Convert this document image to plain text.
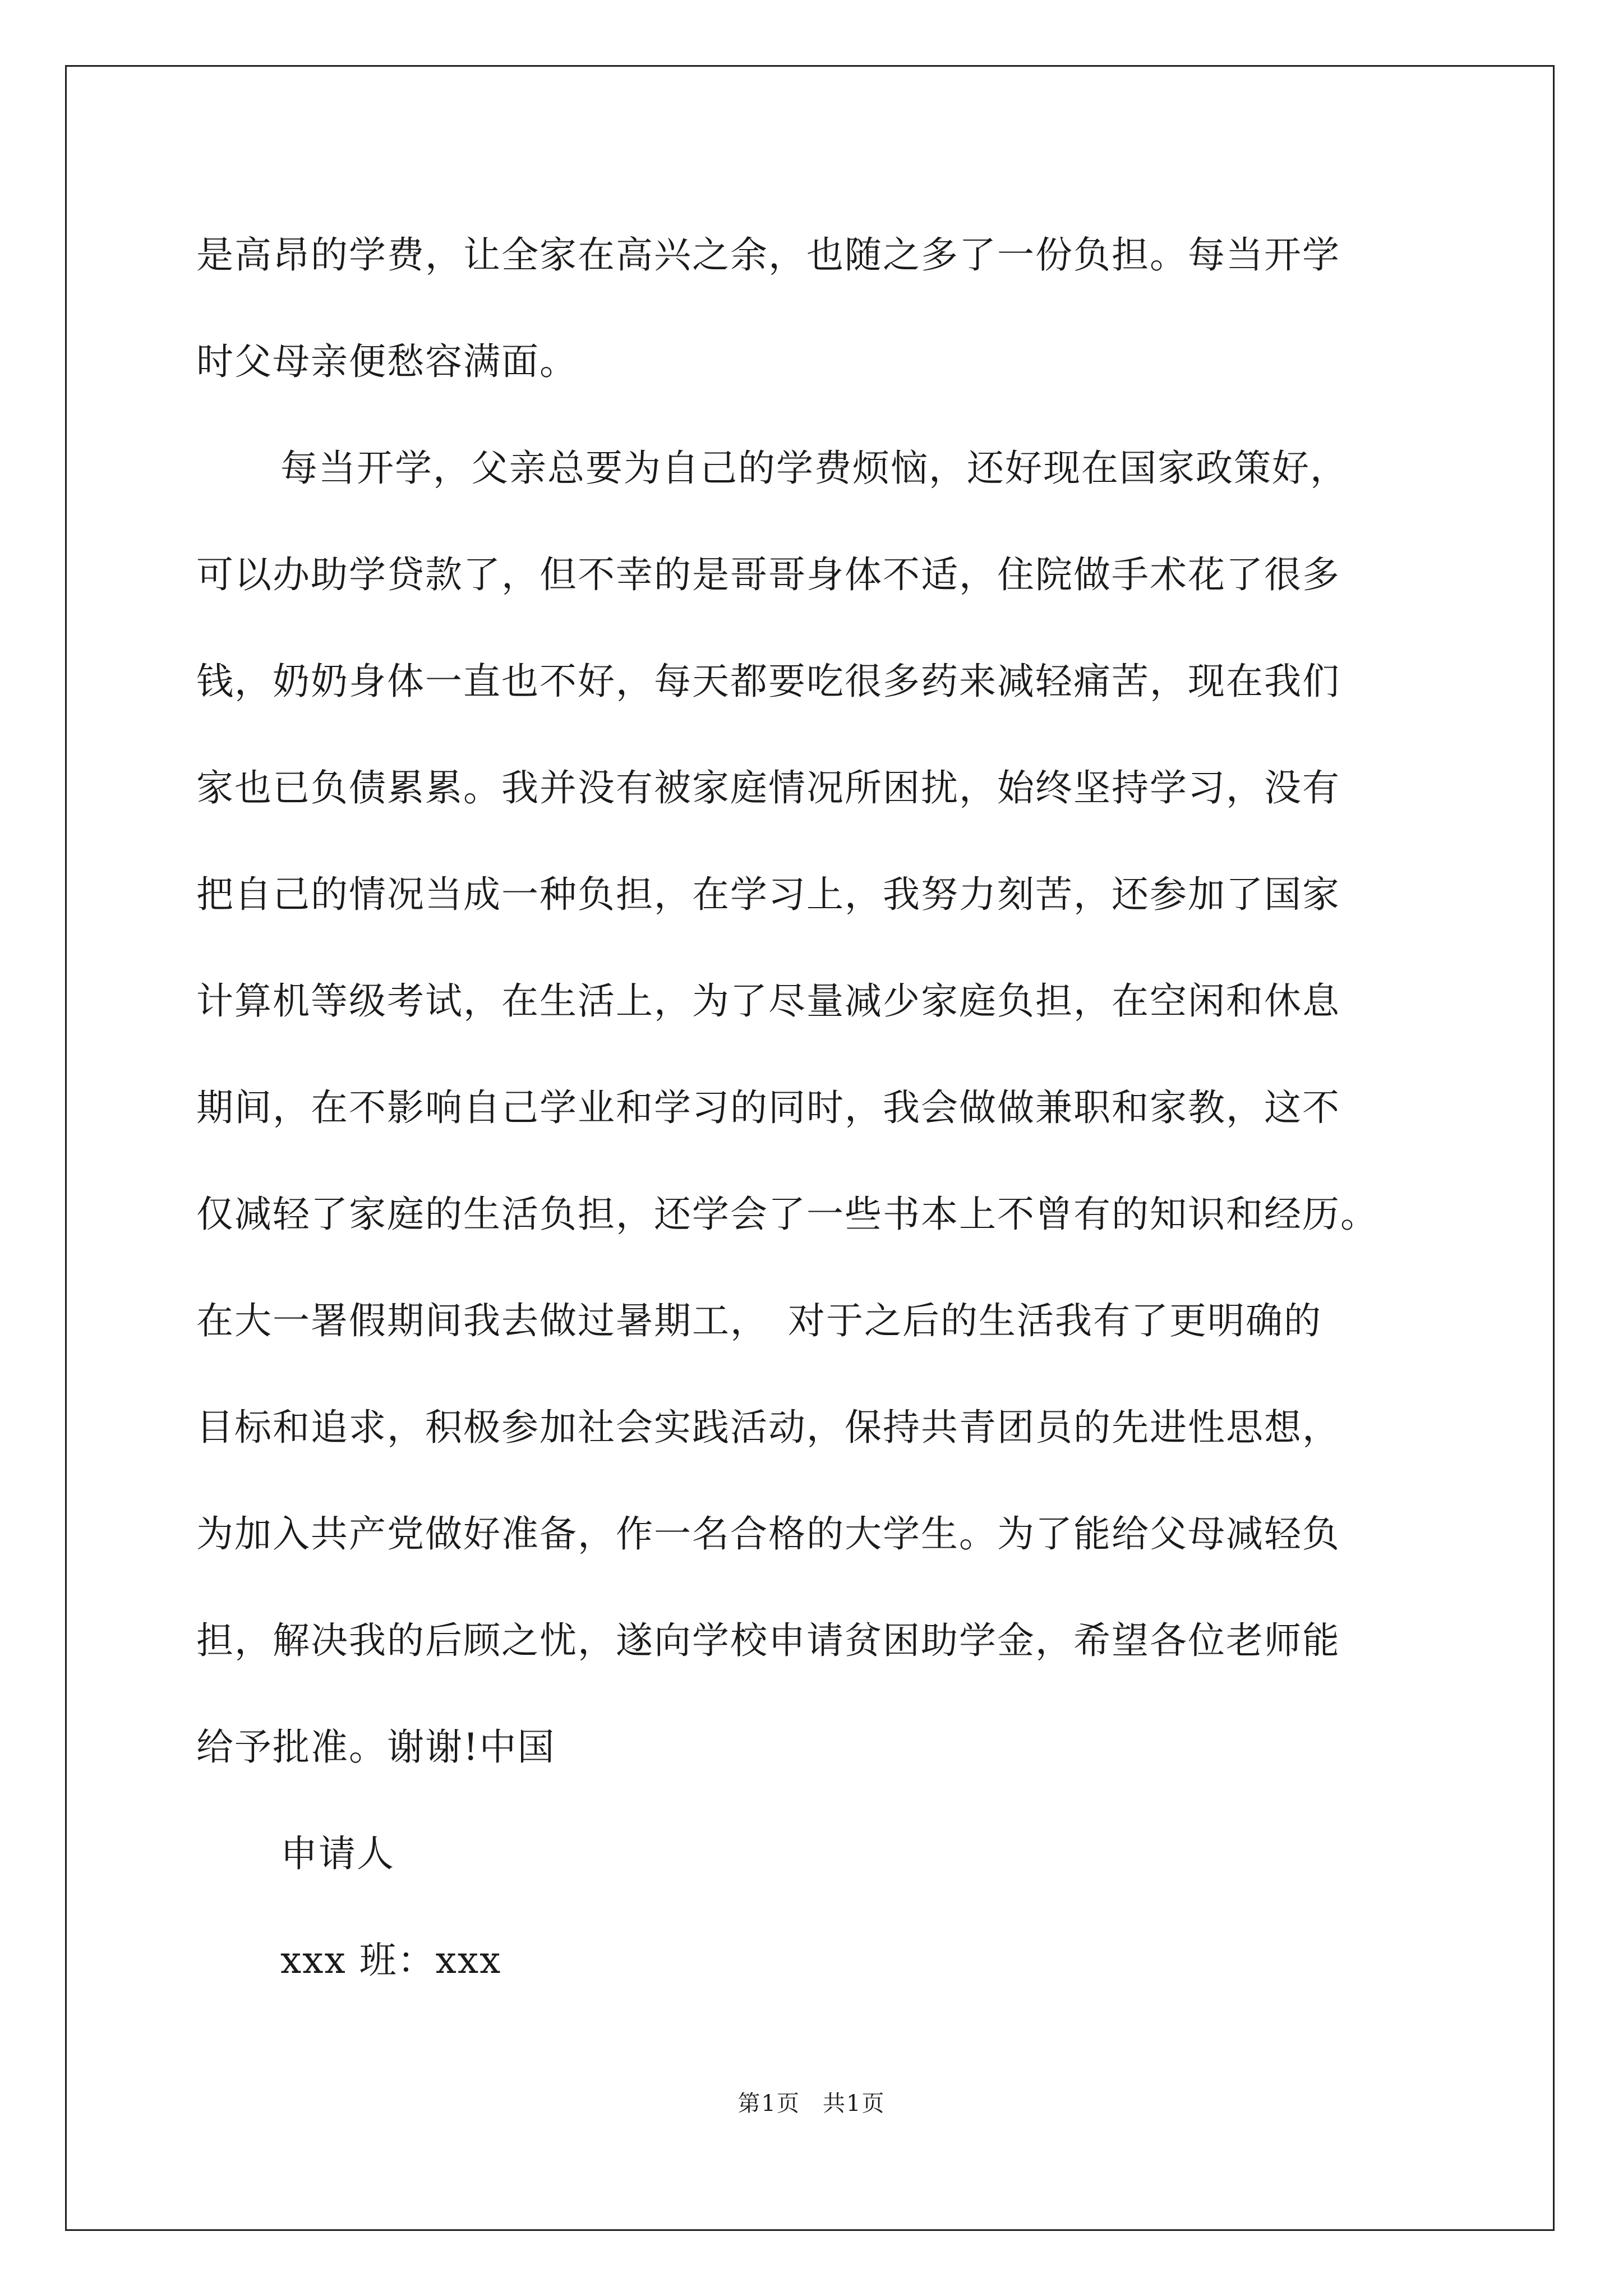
是高昂的学费，让全家在高兴之余，也随之多了一份负担。每当开学
时父母亲便愁容满面。
每当开学，父亲总要为自己的学费烦恼，还好现在国家政策好，
可以办助学贷款了，但不幸的是哥哥身体不适，住院做手术花了很多
钱，奶奶身体一直也不好，每天都要吃很多药来减轻痛苦，现在我们
家也已负债累累。我并没有被家庭情况所困扰，始终坚持学习，没有
把自己的情况当成一种负担，在学习上，我努力刻苦，还参加了国家
计算机等级考试，在生活上，为了尽量减少家庭负担，在空闲和休息
期间，在不影响自己学业和学习的同时，我会做做兼职和家教，这不
仅减轻了家庭的生活负担，还学会了一些书本上不曾有的知识和经历。
在大一署假期间我去做过暑期工，　对于之后的生活我有了更明确的
目标和追求，积极参加社会实践活动，保持共青团员的先进性思想，
为加入共产党做好准备，作一名合格的大学生。为了能给父母减轻负
担，解决我的后顾之忧，遂向学校申请贫困助学金，希望各位老师能
给予批准。谢谢!中国
申请人
xxx 班：xxx
第1页 共1页
